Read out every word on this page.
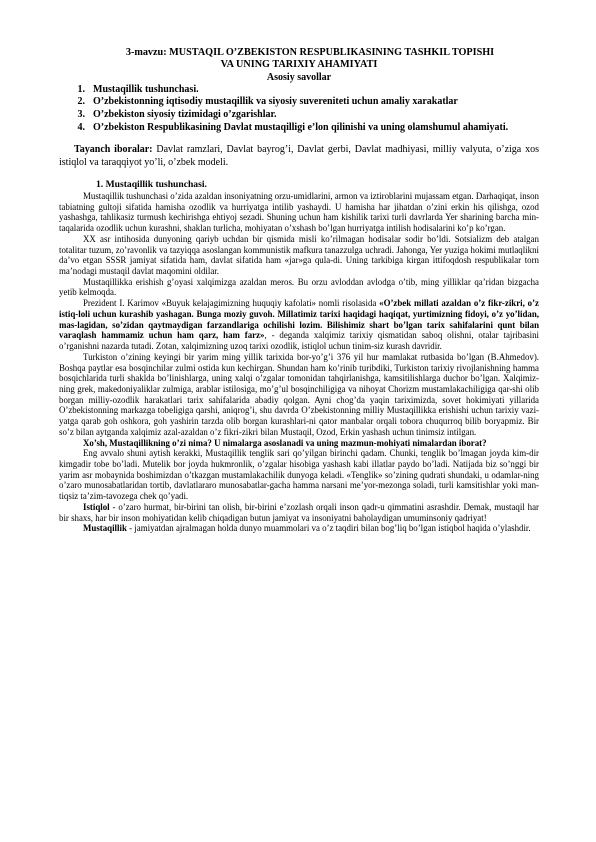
3-mavzu: MUSTAQIL O’ZBEKISTON RESPUBLIKASINING TASHKIL TOPISHI
VA UNING TARIXIY AHAMIYATI
Asosiy savollar
1. Mustaqillik tushunchasi.
2. O’zbekistonning iqtisodiy mustaqillik va siyosiy suvereniteti uchun amaliy xarakatlar
3. O’zbekiston siyosiy tizimidagi o’zgarishlar.
4. O’zbekiston Respublikasining Davlat mustaqilligi e’lon qilinishi va uning olamshumul ahamiyati.
Tayanch iboralar: Davlat ramzlari, Davlat bayrog’i, Davlat gerbi, Davlat madhiyasi, milliy valyuta, o’ziga xos istiqlol va taraqqiyot yo’li, o’zbek modeli.
1. Mustaqillik tushunchasi.

Mustaqillik tushunchasi o’zida azaldan insoniyatning orzu-umidlarini, armon va iztiroblarini mujassam etgan. Darhaqiqat, inson tabiatning gultoji sifatida hamisha ozodlik va hurriyatga intilib yashaydi. U hamisha har jihatdan o’zini erkin his qilishga, ozod yashashga, tahlikasiz turmush kechirishga ehtiyoj sezadi. Shuning uchun ham kishilik tarixi turli davrlarda Yer sharining barcha min-taqalarida ozodlik uchun kurashni, shaklan turlicha, mohiyatan o’xshash bo’lgan hurriyatga intilish hodisalarini ko’p ko’rgan.

XX asr intihosida dunyoning qariyb uchdan bir qismida misli ko’rilmagan hodisalar sodir bo’ldi. Sotsializm deb atalgan totalitar tuzum, zo’ravonlik va tazyiqqa asoslangan kommunistik mafkura tanazzulga uchradi. Jahonga, Yer yuziga hokimi mutlaqlikni da’vo etgan SSSR jamiyat sifatida ham, davlat sifatida ham «jar»ga qula-di. Uning tarkibiga kirgan ittifoqdosh respublikalar torn ma’nodagi mustaqil davlat maqomini oldilar.

Mustaqillikka erishish g’oyasi xalqimizga azaldan meros. Bu orzu avloddan avlodga o’tib, ming yilliklar qa’ridan bizgacha yetib kelmoqda.

Prezident I. Karimov «Buyuk kelajagimizning huquqiy kafolati» nomli risolasida «O’zbek millati azaldan o’z fikr-zikri, o’z istiq-loli uchun kurashib yashagan. Bunga moziy guvoh. Millatimiz tarixi haqidagi haqiqat, yurtimizning fidoyi, o’z yo’lidan, mas-lagidan, so’zidan qaytmaydigan farzandlariga ochilishi lozim. Bilishimiz shart bo’lgan tarix sahifalarini qunt bilan varaqlash hammamiz uchun ham qarz, ham farz», - deganda xalqimiz tarixiy qismatidan saboq olishni, otalar tajribasini o’rganishni nazarda tutadi. Zotan, xalqimizning uzoq tarixi ozodlik, istiqlol uchun tinim-siz kurash davridir.

Turkiston o’zining keyingi bir yarim ming yillik tarixida bor-yo’g’i 376 yil hur mamlakat rutbasida bo’lgan (B.Ahmedov). Boshqa paytlar esa bosqinchilar zulmi ostida kun kechirgan. Shundan ham ko’rinib turibdiki, Turkiston tarixiy rivojlanishning hamma bosqichlarida turli shaklda bo’linishlarga, uning xalqi o’zgalar tomonidan tahqirlanishga, kamsitilishlarga duchor bo’lgan. Xalqimiz-ning grek, makedoniyaliklar zulmiga, arablar istilosiga, mo’g’ul bosqinchiligiga va nihoyat Chorizm mustamlakachiligiga qar-shi olib borgan milliy-ozodlik harakatlari tarix sahifalarida abadiy qolgan. Ayni chog’da yaqin tariximizda, sovet hokimiyati yillarida O’zbekistonning markazga tobeligiga qarshi, aniqrog’i, shu davrda O’zbekistonning milliy Mustaqillikka erishishi uchun tarixiy vazi-yatga qarab goh oshkora, goh yashirin tarzda olib borgan kurashlari-ni qator manbalar orqali tobora chuqurroq bilib boryapmiz. Bir so’z bilan aytganda xalqimiz azal-azaldan o’z fikri-zikri bilan Mustaqil, Ozod, Erkin yashash uchun tinimsiz intilgan.

Xo’sh, Mustaqillikning o’zi nima? U nimalarga asoslanadi va uning mazmun-mohiyati nimalardan iborat?

Eng avvalo shuni aytish kerakki, Mustaqillik tenglik sari qo’yilgan birinchi qadam. Chunki, tenglik bo’lmagan joyda kim-dir kimgadir tobe bo’ladi. Mutelik bor joyda hukmronlik, o’zgalar hisobiga yashash kabi illatlar paydo bo’ladi. Natijada biz so’nggi bir yarim asr mobaynida boshimizdan o’tkazgan mustamlakachilik dunyoga keladi. «Tenglik» so’zining qudrati shundaki, u odamlar-ning o’zaro munosabatlaridan tortib, davlatlararo munosabatlar-gacha hamma narsani me’yor-mezonga soladi, turli kamsitishlar yoki man-tiqsiz ta’zim-tavozega chek qo’yadi.

Istiqlol - o’zaro hurmat, bir-birini tan olish, bir-birini e’zozlash orqali inson qadr-u qimmatini asrashdir. Demak, mustaqil har bir shaxs, har bir inson mohiyatidan kelib chiqadigan butun jamiyat va insoniyatni baholaydigan umuminsoniy qadriyat!

Mustaqillik - jamiyatdan ajralmagan holda dunyo muammolari va o’z taqdiri bilan bog’liq bo’lgan istiqbol haqida o’ylashdir.
